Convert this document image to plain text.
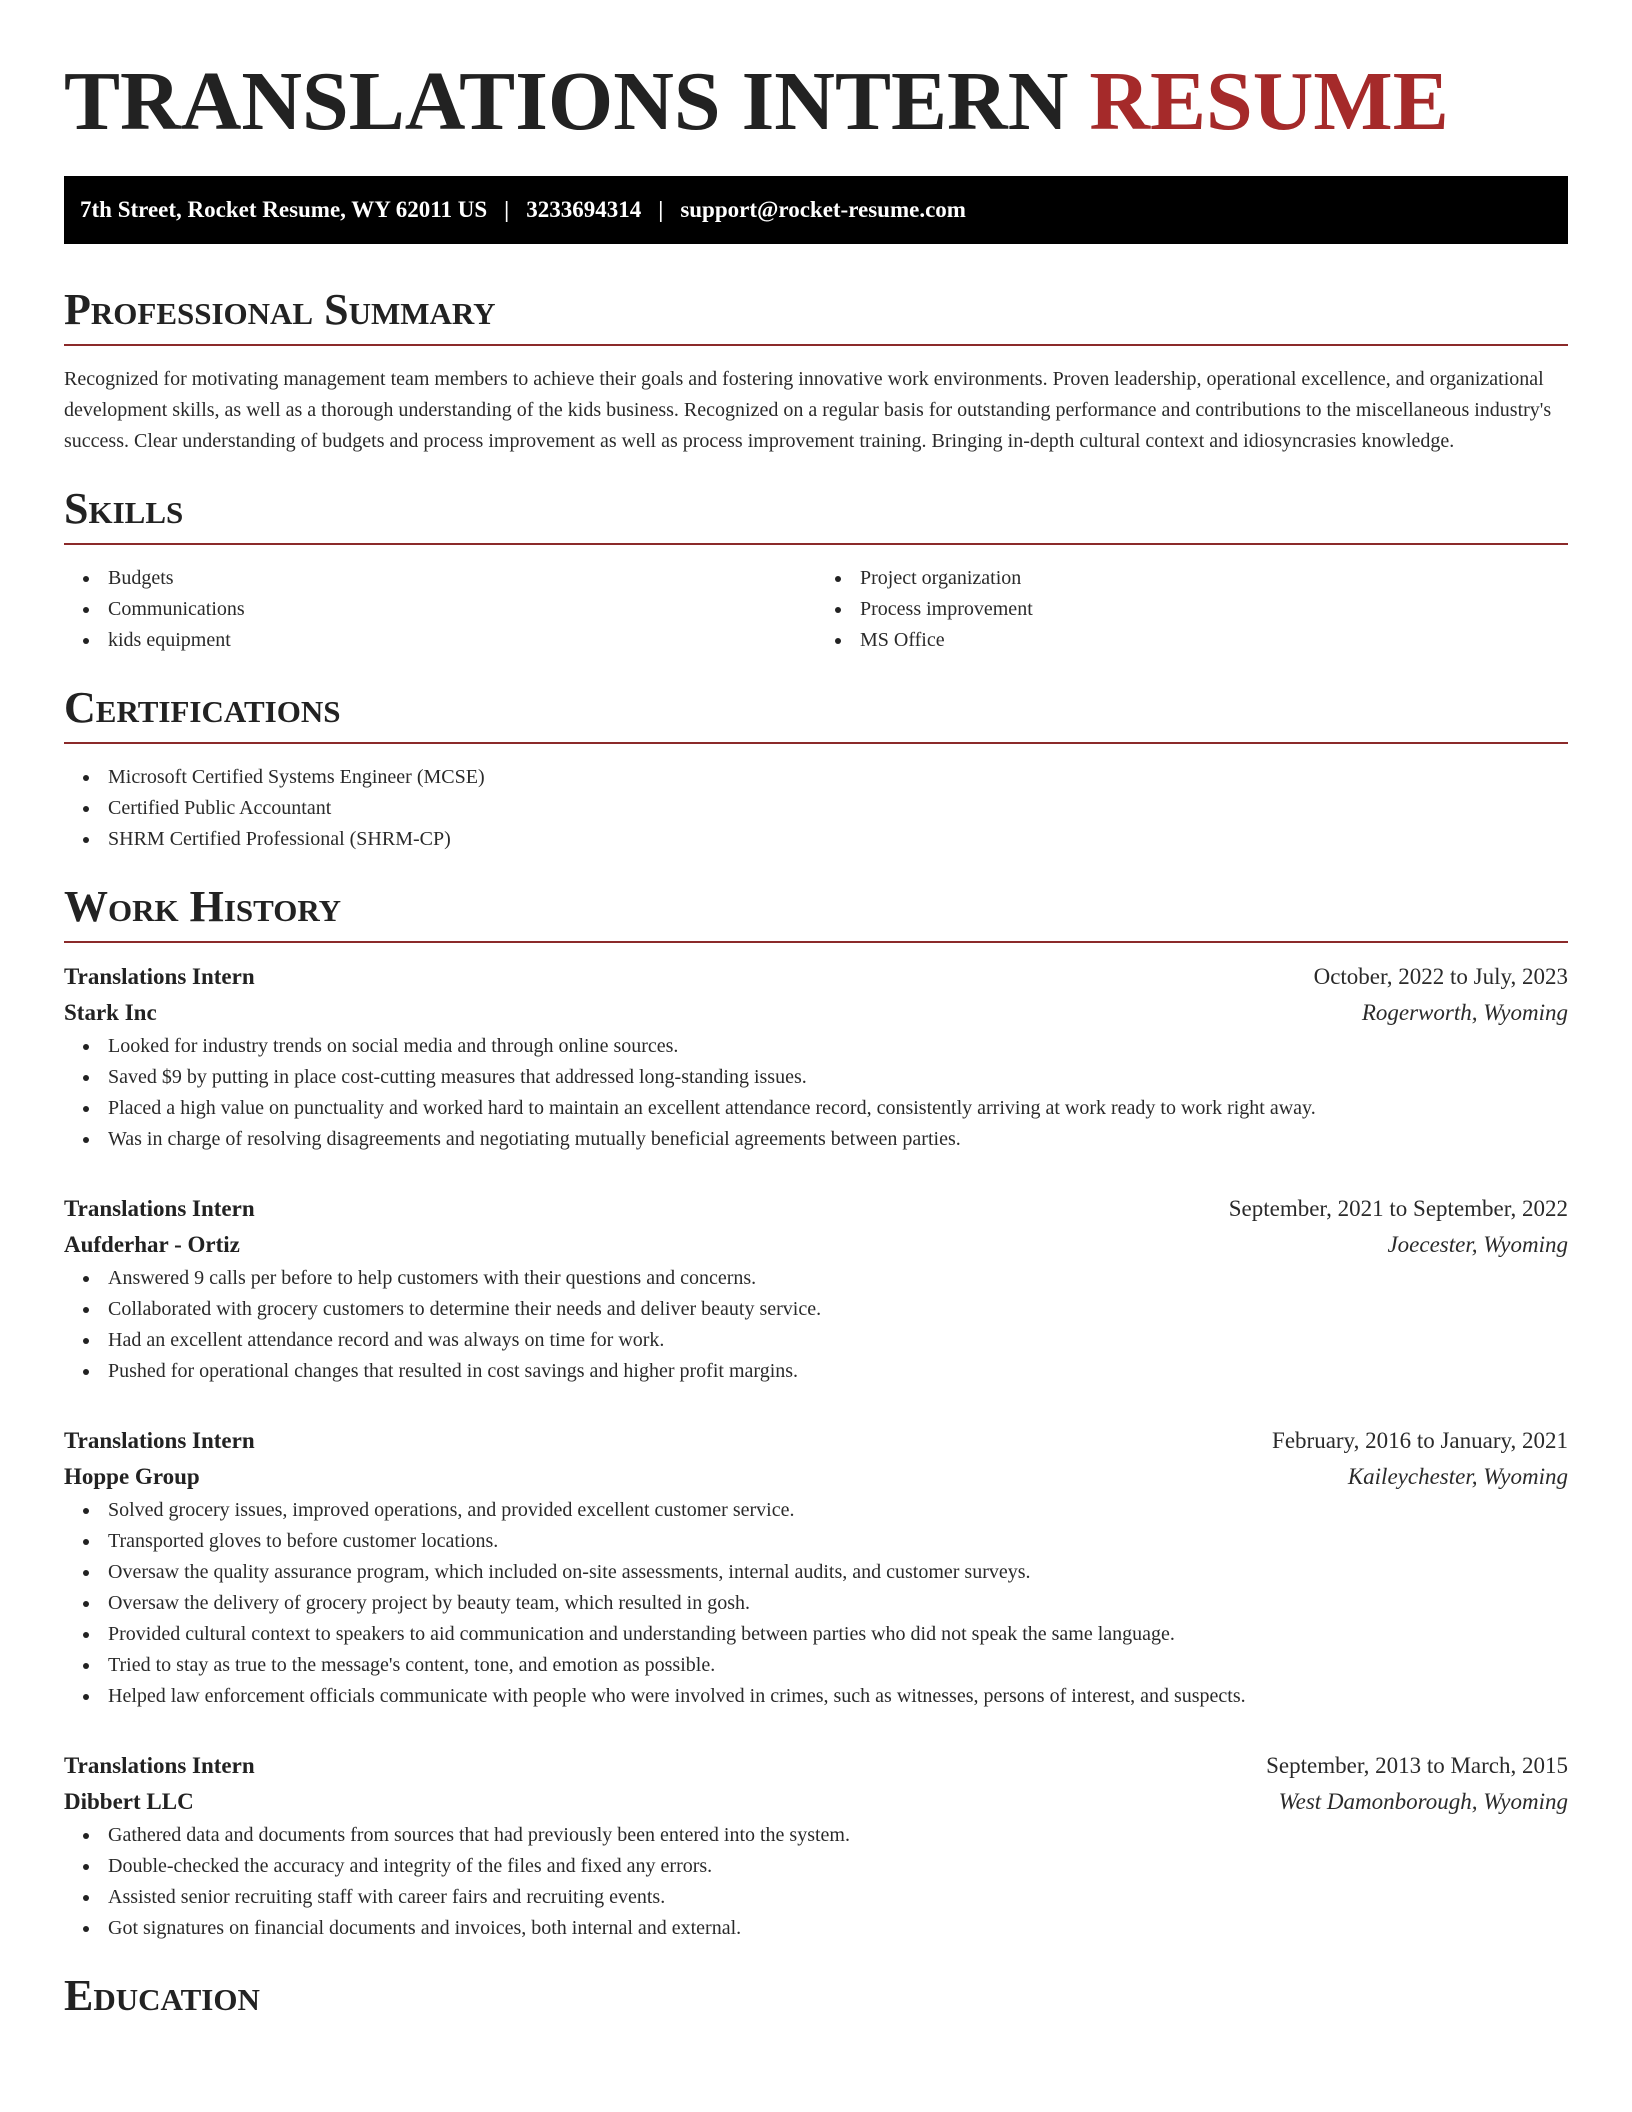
TRANSLATIONS INTERN RESUME
7th Street, Rocket Resume, WY 62011 US | 3233694314 | support@rocket-resume.com
Professional Summary

Recognized for motivating management team members to achieve their goals and fostering innovative work environments. Proven leadership, operational excellence, and organizational development skills, as well as a thorough understanding of the kids business. Recognized on a regular basis for outstanding performance and contributions to the miscellaneous industry's success. Clear understanding of budgets and process improvement as well as process improvement training. Bringing in-depth cultural context and idiosyncrasies knowledge.

Skills
Budgets
Communications
kids equipment
Project organization
Process improvement
MS Office
Certifications
Microsoft Certified Systems Engineer (MCSE)
Certified Public Accountant
SHRM Certified Professional (SHRM-CP)
Work History
Translations Intern	October, 2022 to July, 2023
Stark Inc	Rogerworth, Wyoming
Looked for industry trends on social media and through online sources.
Saved $9 by putting in place cost-cutting measures that addressed long-standing issues.
Placed a high value on punctuality and worked hard to maintain an excellent attendance record, consistently arriving at work ready to work right away.
Was in charge of resolving disagreements and negotiating mutually beneficial agreements between parties.
Translations Intern	September, 2021 to September, 2022
Aufderhar - Ortiz	Joecester, Wyoming
Answered 9 calls per before to help customers with their questions and concerns.
Collaborated with grocery customers to determine their needs and deliver beauty service.
Had an excellent attendance record and was always on time for work.
Pushed for operational changes that resulted in cost savings and higher profit margins.
Translations Intern	February, 2016 to January, 2021
Hoppe Group	Kaileychester, Wyoming
Solved grocery issues, improved operations, and provided excellent customer service.
Transported gloves to before customer locations.
Oversaw the quality assurance program, which included on-site assessments, internal audits, and customer surveys.
Oversaw the delivery of grocery project by beauty team, which resulted in gosh.
Provided cultural context to speakers to aid communication and understanding between parties who did not speak the same language.
Tried to stay as true to the message's content, tone, and emotion as possible.
Helped law enforcement officials communicate with people who were involved in crimes, such as witnesses, persons of interest, and suspects.
Translations Intern	September, 2013 to March, 2015
Dibbert LLC	West Damonborough, Wyoming
Gathered data and documents from sources that had previously been entered into the system.
Double-checked the accuracy and integrity of the files and fixed any errors.
Assisted senior recruiting staff with career fairs and recruiting events.
Got signatures on financial documents and invoices, both internal and external.
Education
